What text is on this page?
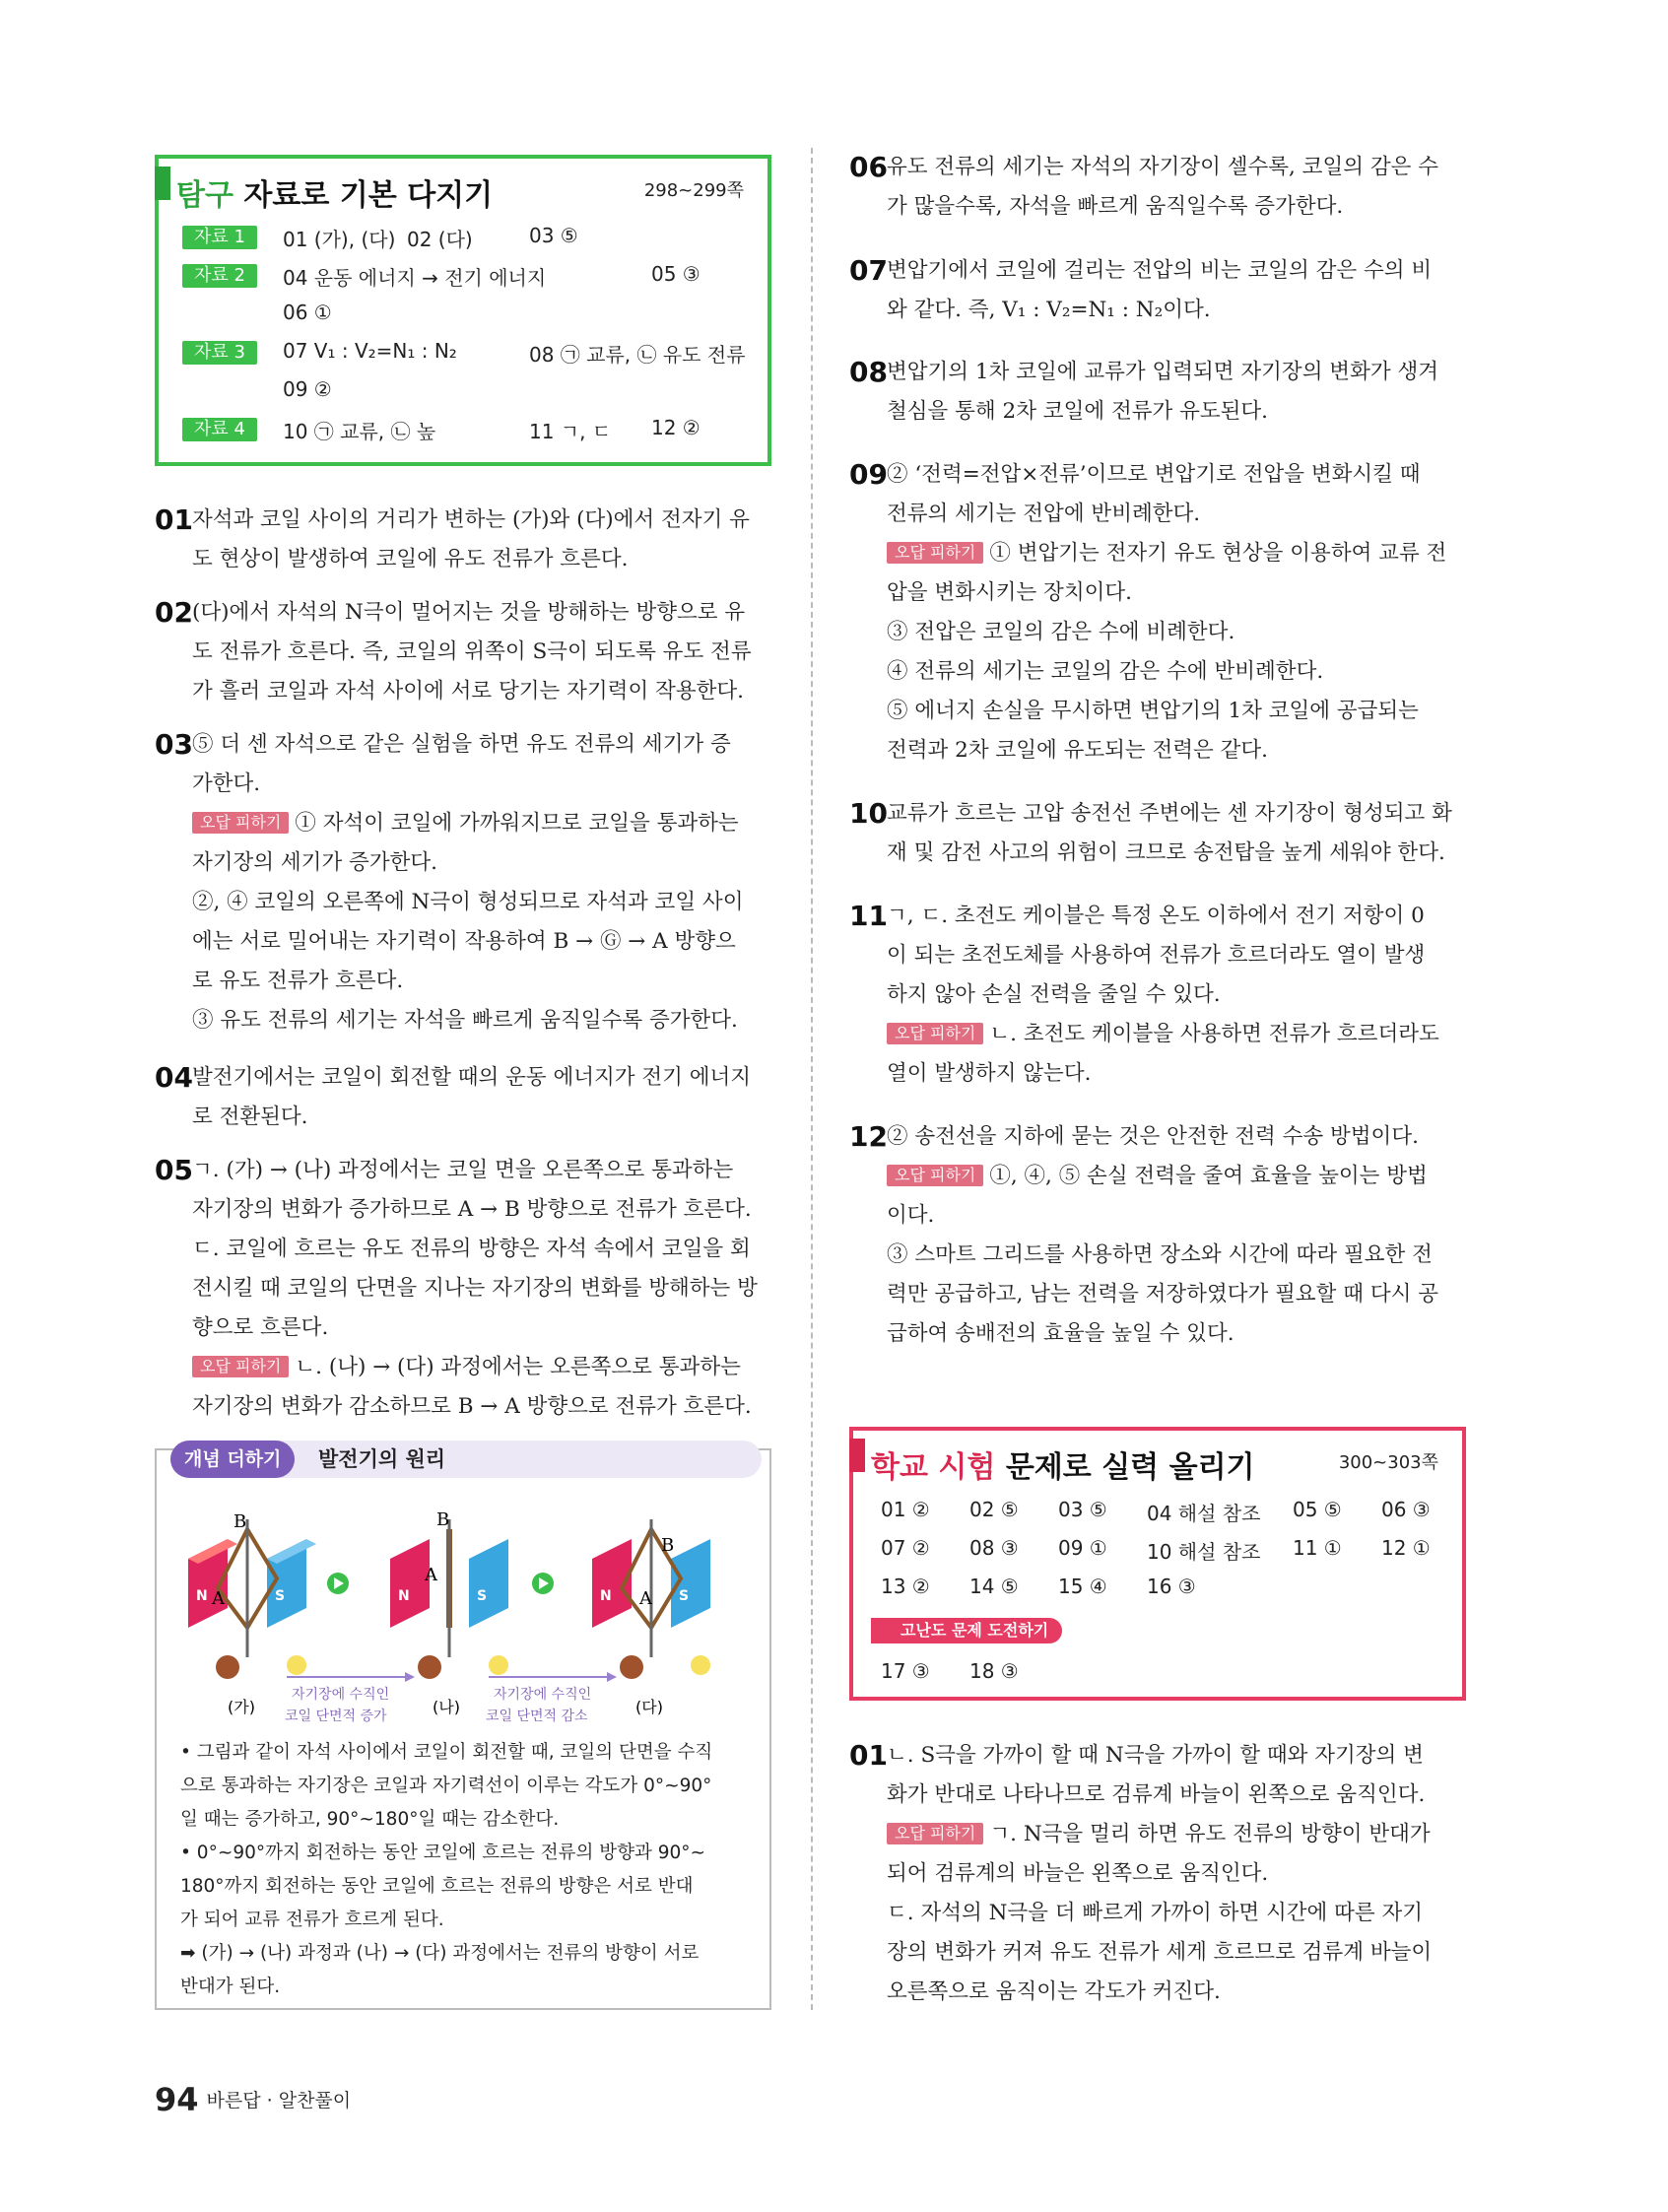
탐구 자료로 기본 다지기	298~299쪽
자료 1	01 (가), (다) 02 (다)	03 ⑤
자료 2	04 운동 에너지 → 전기 에너지	05 ③
06 ①
자료 3	07 V₁ : V₂=N₁ : N₂	08 ㉠ 교류, ㉡ 유도 전류
09 ②
자료 4	10 ㉠ 교류, ㉡ 높	11 ㄱ, ㄷ 12 ②
01 자석과 코일 사이의 거리가 변하는 (가)와 (다)에서 전자기 유
도 현상이 발생하여 코일에 유도 전류가 흐른다.
02 (다)에서 자석의 N극이 멀어지는 것을 방해하는 방향으로 유
도 전류가 흐른다. 즉, 코일의 위쪽이 S극이 되도록 유도 전류
가 흘러 코일과 자석 사이에 서로 당기는 자기력이 작용한다.
03 ⑤ 더 센 자석으로 같은 실험을 하면 유도 전류의 세기가 증
가한다.
오답 피하기 ① 자석이 코일에 가까워지므로 코일을 통과하는
자기장의 세기가 증가한다.
②, ④ 코일의 오른쪽에 N극이 형성되므로 자석과 코일 사이
에는 서로 밀어내는 자기력이 작용하여 B → Ⓖ → A 방향으
로 유도 전류가 흐른다.
③ 유도 전류의 세기는 자석을 빠르게 움직일수록 증가한다.
04 발전기에서는 코일이 회전할 때의 운동 에너지가 전기 에너지
로 전환된다.
05 ㄱ. (가) → (나) 과정에서는 코일 면을 오른쪽으로 통과하는
자기장의 변화가 증가하므로 A → B 방향으로 전류가 흐른다.
ㄷ. 코일에 흐르는 유도 전류의 방향은 자석 속에서 코일을 회
전시킬 때 코일의 단면을 지나는 자기장의 변화를 방해하는 방
향으로 흐른다.
오답 피하기 ㄴ. (나) → (다) 과정에서는 오른쪽으로 통과하는
자기장의 변화가 감소하므로 B → A 방향으로 전류가 흐른다.
개념 더하기	발전기의 원리
N	S
B
A	N	S
B
A
N	S
B
A
자기장에 수직인
코일 단면적 증가
자기장에 수직인
코일 단면적 감소
(가)	(나)	(다)
• 그림과 같이 자석 사이에서 코일이 회전할 때, 코일의 단면을 수직
으로 통과하는 자기장은 코일과 자기력선이 이루는 각도가 0°~90°
일 때는 증가하고, 90°~180°일 때는 감소한다.
• 0°~90°까지 회전하는 동안 코일에 흐르는 전류의 방향과 90°~
180°까지 회전하는 동안 코일에 흐르는 전류의 방향은 서로 반대
가 되어 교류 전류가 흐르게 된다.
➡ (가) → (나) 과정과 (나) → (다) 과정에서는 전류의 방향이 서로
반대가 된다.
06 유도 전류의 세기는 자석의 자기장이 셀수록, 코일의 감은 수
가 많을수록, 자석을 빠르게 움직일수록 증가한다.
07 변압기에서 코일에 걸리는 전압의 비는 코일의 감은 수의 비
와 같다. 즉, V₁ : V₂=N₁ : N₂이다.
08 변압기의 1차 코일에 교류가 입력되면 자기장의 변화가 생겨
철심을 통해 2차 코일에 전류가 유도된다.
09 ② ‘전력=전압×전류’이므로 변압기로 전압을 변화시킬 때
전류의 세기는 전압에 반비례한다.
오답 피하기 ① 변압기는 전자기 유도 현상을 이용하여 교류 전
압을 변화시키는 장치이다.
③ 전압은 코일의 감은 수에 비례한다.
④ 전류의 세기는 코일의 감은 수에 반비례한다.
⑤ 에너지 손실을 무시하면 변압기의 1차 코일에 공급되는
전력과 2차 코일에 유도되는 전력은 같다.
10 교류가 흐르는 고압 송전선 주변에는 센 자기장이 형성되고 화
재 및 감전 사고의 위험이 크므로 송전탑을 높게 세워야 한다.
11 ㄱ, ㄷ. 초전도 케이블은 특정 온도 이하에서 전기 저항이 0
이 되는 초전도체를 사용하여 전류가 흐르더라도 열이 발생
하지 않아 손실 전력을 줄일 수 있다.
오답 피하기 ㄴ. 초전도 케이블을 사용하면 전류가 흐르더라도
열이 발생하지 않는다.
12 ② 송전선을 지하에 묻는 것은 안전한 전력 수송 방법이다.
오답 피하기 ①, ④, ⑤ 손실 전력을 줄여 효율을 높이는 방법
이다.
③ 스마트 그리드를 사용하면 장소와 시간에 따라 필요한 전
력만 공급하고, 남는 전력을 저장하였다가 필요할 때 다시 공
급하여 송배전의 효율을 높일 수 있다.
학교 시험 문제로 실력 올리기	300~303쪽
01 ② 02 ⑤ 03 ⑤ 04 해설 참조 05 ⑤ 06 ③
07 ② 08 ③ 09 ① 10 해설 참조 11 ① 12 ①
13 ② 14 ⑤ 15 ④ 16 ③
고난도 문제 도전하기
17 ③ 18 ③
01 ㄴ. S극을 가까이 할 때 N극을 가까이 할 때와 자기장의 변
화가 반대로 나타나므로 검류계 바늘이 왼쪽으로 움직인다.
오답 피하기 ㄱ. N극을 멀리 하면 유도 전류의 방향이 반대가
되어 검류계의 바늘은 왼쪽으로 움직인다.
ㄷ. 자석의 N극을 더 빠르게 가까이 하면 시간에 따른 자기
장의 변화가 커져 유도 전류가 세게 흐르므로 검류계 바늘이
오른쪽으로 움직이는 각도가 커진다.
94 바른답 · 알찬풀이
